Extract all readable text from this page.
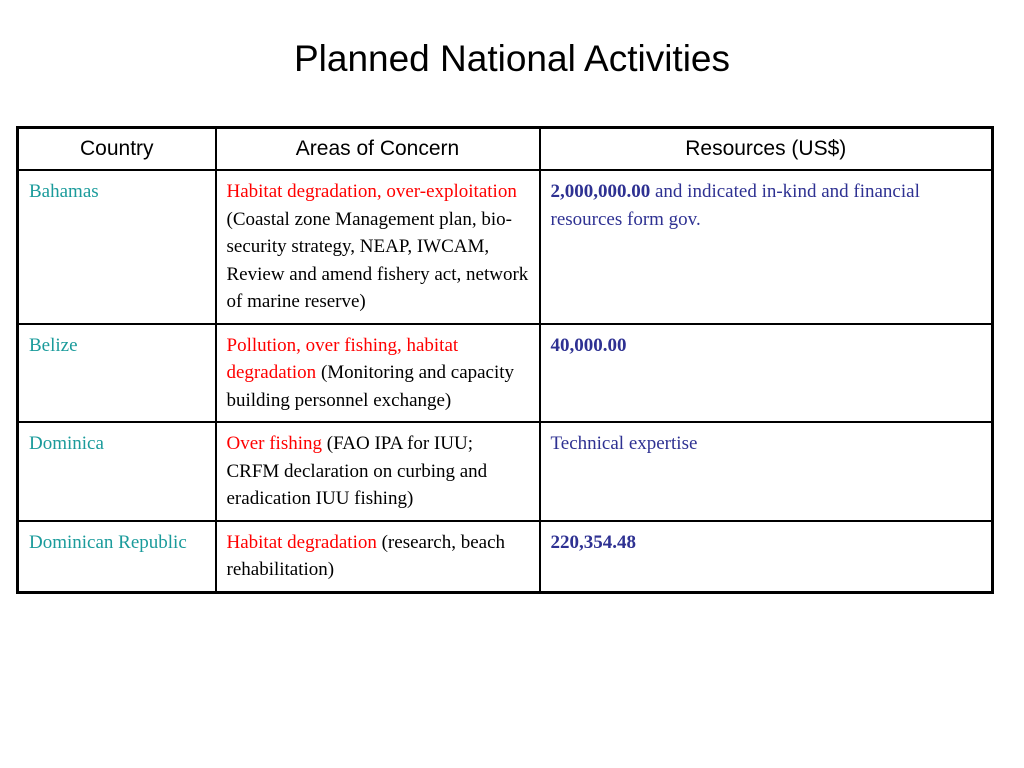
Planned National Activities
Country	Areas of Concern	Resources (US$)
Bahamas	Habitat degradation, over-exploitation (Coastal zone Management plan, bio-security strategy, NEAP, IWCAM, Review and amend fishery act, network of marine reserve)	2,000,000.00 and indicated in-kind and financial resources form gov.
Belize	Pollution, over fishing, habitat degradation (Monitoring and capacity building personnel exchange)	40,000.00
Dominica	Over fishing (FAO IPA for IUU; CRFM declaration on curbing and eradication IUU fishing)	Technical expertise
Dominican Republic	Habitat degradation (research, beach rehabilitation)	220,354.48
